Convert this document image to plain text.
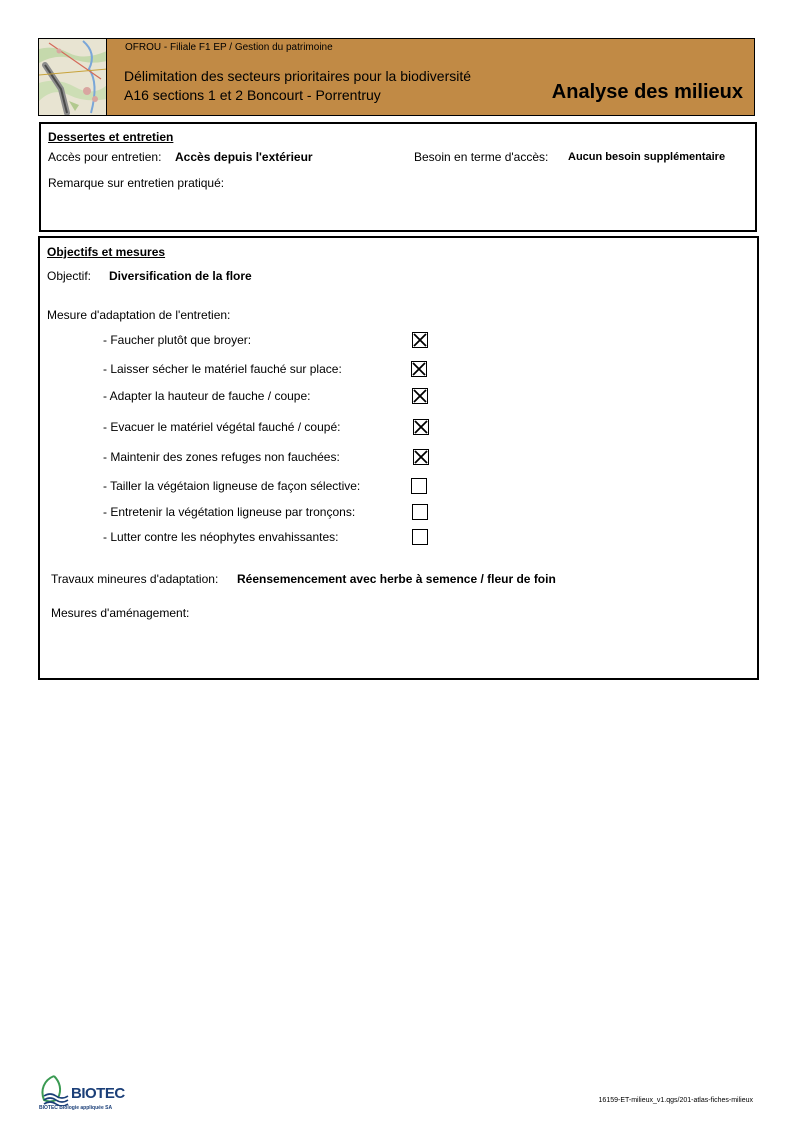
OFROU - Filiale F1 EP / Gestion du patrimoine
Délimitation des secteurs prioritaires pour la biodiversité
A16 sections 1 et 2 Boncourt - Porrentruy	Analyse des milieux
Dessertes et entretien
Accès pour entretien: Accès depuis l'extérieur	Besoin en terme d'accès: Aucun besoin supplémentaire
Remarque sur entretien pratiqué:
Objectifs et mesures
Objectif: Diversification de la flore
Mesure d'adaptation de l'entretien:
- Faucher plutôt que broyer:
- Laisser sécher le matériel fauché sur place:
- Adapter la hauteur de fauche / coupe:
- Evacuer le matériel végétal fauché / coupé:
- Maintenir des zones refuges non fauchées:
- Tailler la végétaion ligneuse de façon sélective:
- Entretenir la végétation ligneuse par tronçons:
- Lutter contre les néophytes envahissantes:
Travaux mineures d'adaptation: Réensemencement avec herbe à semence / fleur de foin
Mesures d'aménagement:
BIOTEC
BIOTEC Biologie appliquée SA
16159-ET-milieux_v1.qgs/201-atlas-fiches-milieux
